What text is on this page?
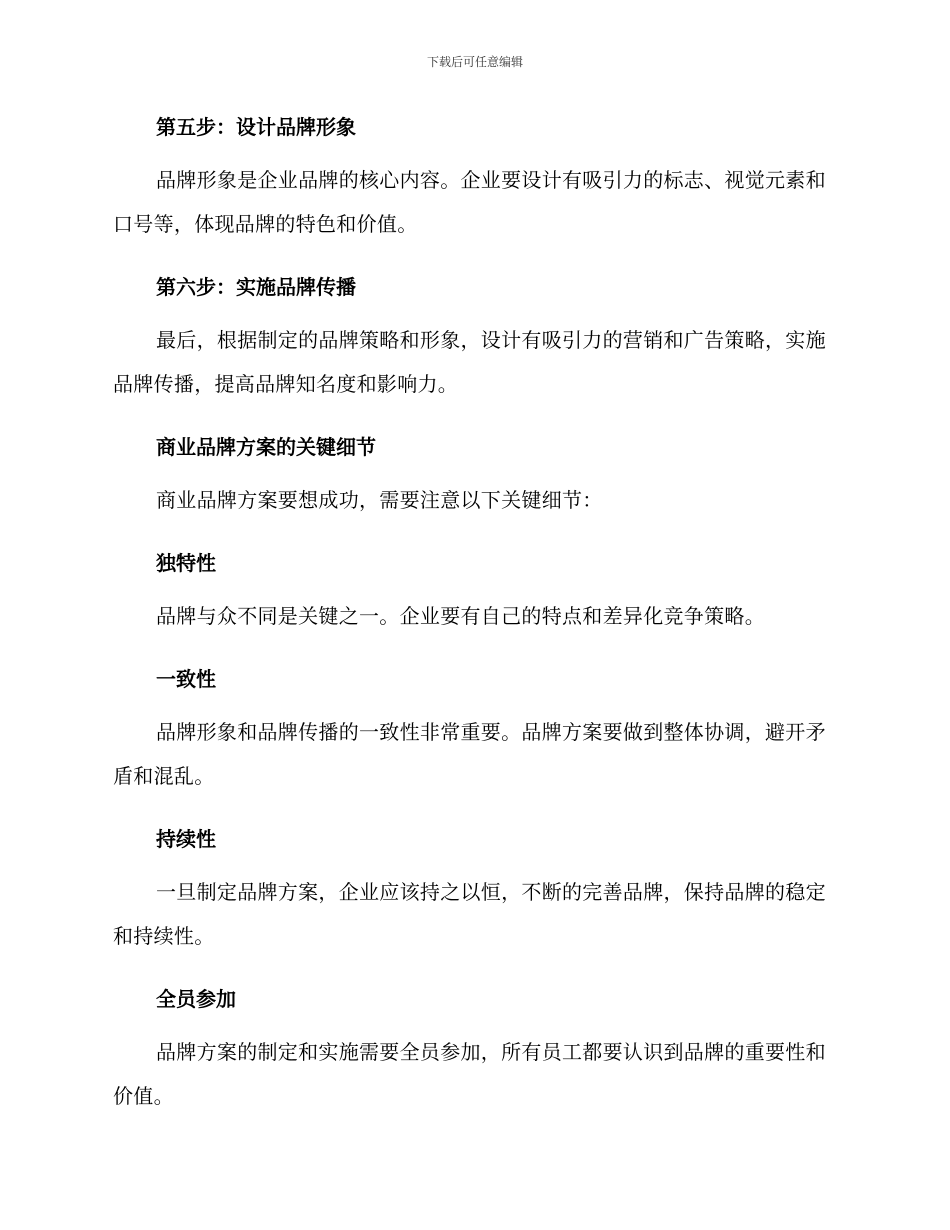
下载后可任意编辑
第五步：设计品牌形象
品牌形象是企业品牌的核心内容。企业要设计有吸引力的标志、视觉元素和口号等，体现品牌的特色和价值。
第六步：实施品牌传播
最后，根据制定的品牌策略和形象，设计有吸引力的营销和广告策略，实施品牌传播，提高品牌知名度和影响力。
商业品牌方案的关键细节
商业品牌方案要想成功，需要注意以下关键细节：
独特性
品牌与众不同是关键之一。企业要有自己的特点和差异化竞争策略。
一致性
品牌形象和品牌传播的一致性非常重要。品牌方案要做到整体协调，避开矛盾和混乱。
持续性
一旦制定品牌方案，企业应该持之以恒，不断的完善品牌，保持品牌的稳定和持续性。
全员参加
品牌方案的制定和实施需要全员参加，所有员工都要认识到品牌的重要性和价值。
